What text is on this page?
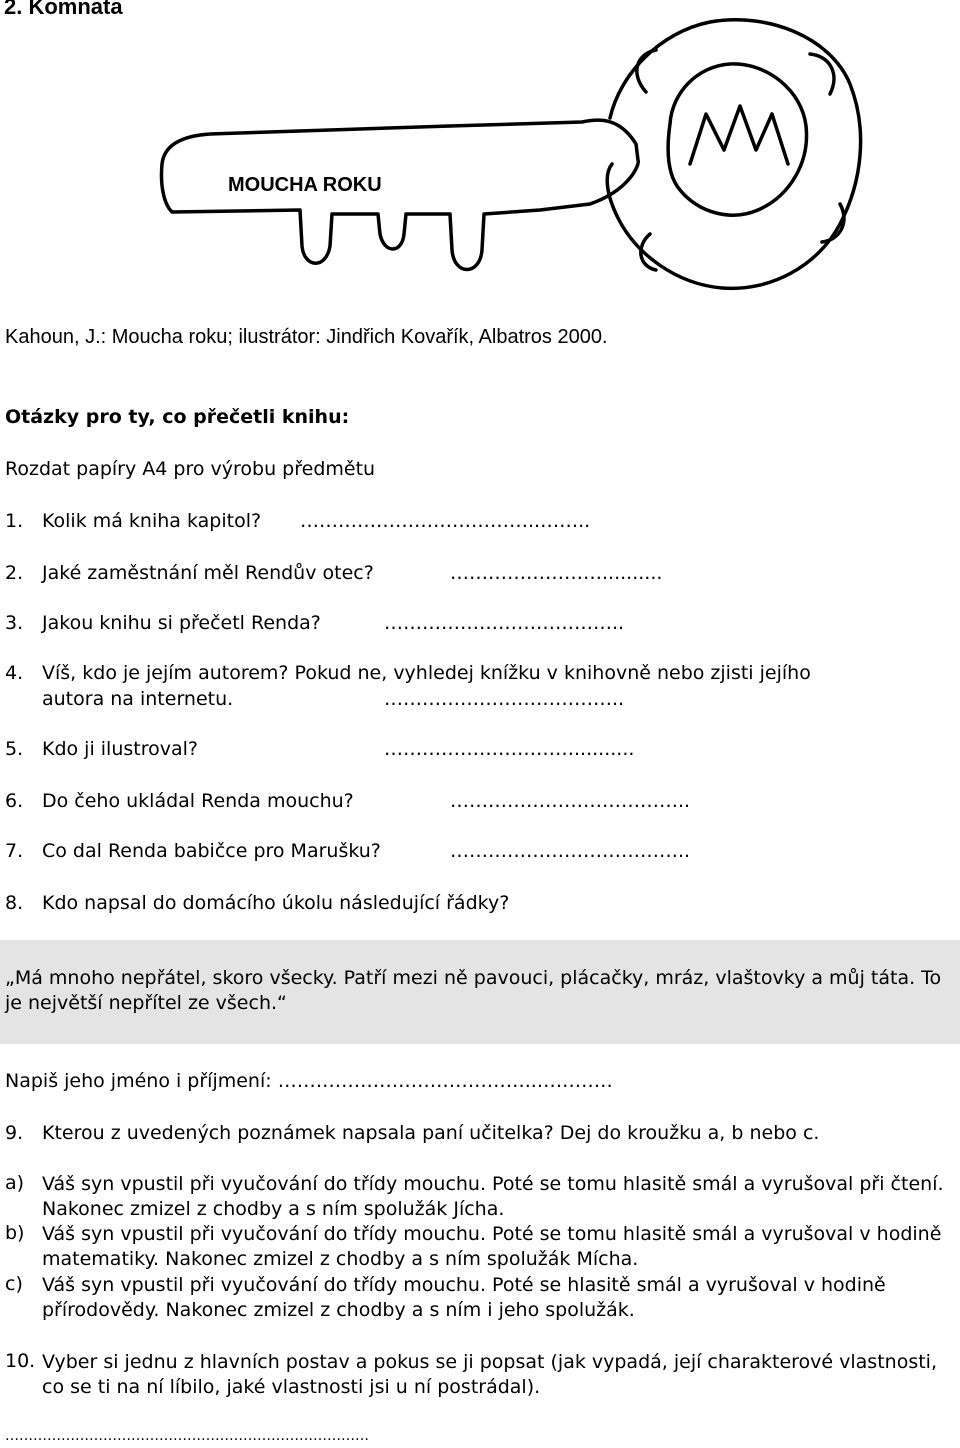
2. Komnata
MOUCHA ROKU
Kahoun, J.: Moucha roku; ilustrátor: Jindřich Kovařík, Albatros 2000.
Otázky pro ty, co přečetli knihu:
Rozdat papíry A4 pro výrobu předmětu
1. Kolik má kniha kapitol? ………………………………..……..
2. Jaké zaměstnání měl Rendův otec?	……………………..........
3. Jakou knihu si přečetl Renda?	………………………………..
4. Víš, kdo je jejím autorem? Pokud ne, vyhledej knížku v knihovně nebo zjisti jejího
autora na internetu.	………………………………..
5. Kdo ji ilustroval?	…………………………..........
6. Do čeho ukládal Renda mouchu?	………………………………..
7. Co dal Renda babičce pro Marušku?	………………………………..
8. Kdo napsal do domácího úkolu následující řádky?
„Má mnoho nepřátel, skoro všecky. Patří mezi ně pavouci, plácačky, mráz, vlaštovky a můj táta. To je největší nepřítel ze všech.“
Napiš jeho jméno i příjmení: …………………………………..…………
9. Kterou z uvedených poznámek napsala paní učitelka? Dej do kroužku a, b nebo c.
a) Váš syn vpustil při vyučování do třídy mouchu. Poté se tomu hlasitě smál a vyrušoval při čtení. Nakonec zmizel z chodby a s ním spolužák Jícha.
b) Váš syn vpustil při vyučování do třídy mouchu. Poté se tomu hlasitě smál a vyrušoval v hodině matematiky. Nakonec zmizel z chodby a s ním spolužák Mícha.
c) Váš syn vpustil při vyučování do třídy mouchu. Poté se hlasitě smál a vyrušoval v hodině přírodovědy. Nakonec zmizel z chodby a s ním i jeho spolužák.
10. Vyber si jednu z hlavních postav a pokus se ji popsat (jak vypadá, její charakterové vlastnosti, co se ti na ní líbilo, jaké vlastnosti jsi u ní postrádal).
……………………………………………………………………
